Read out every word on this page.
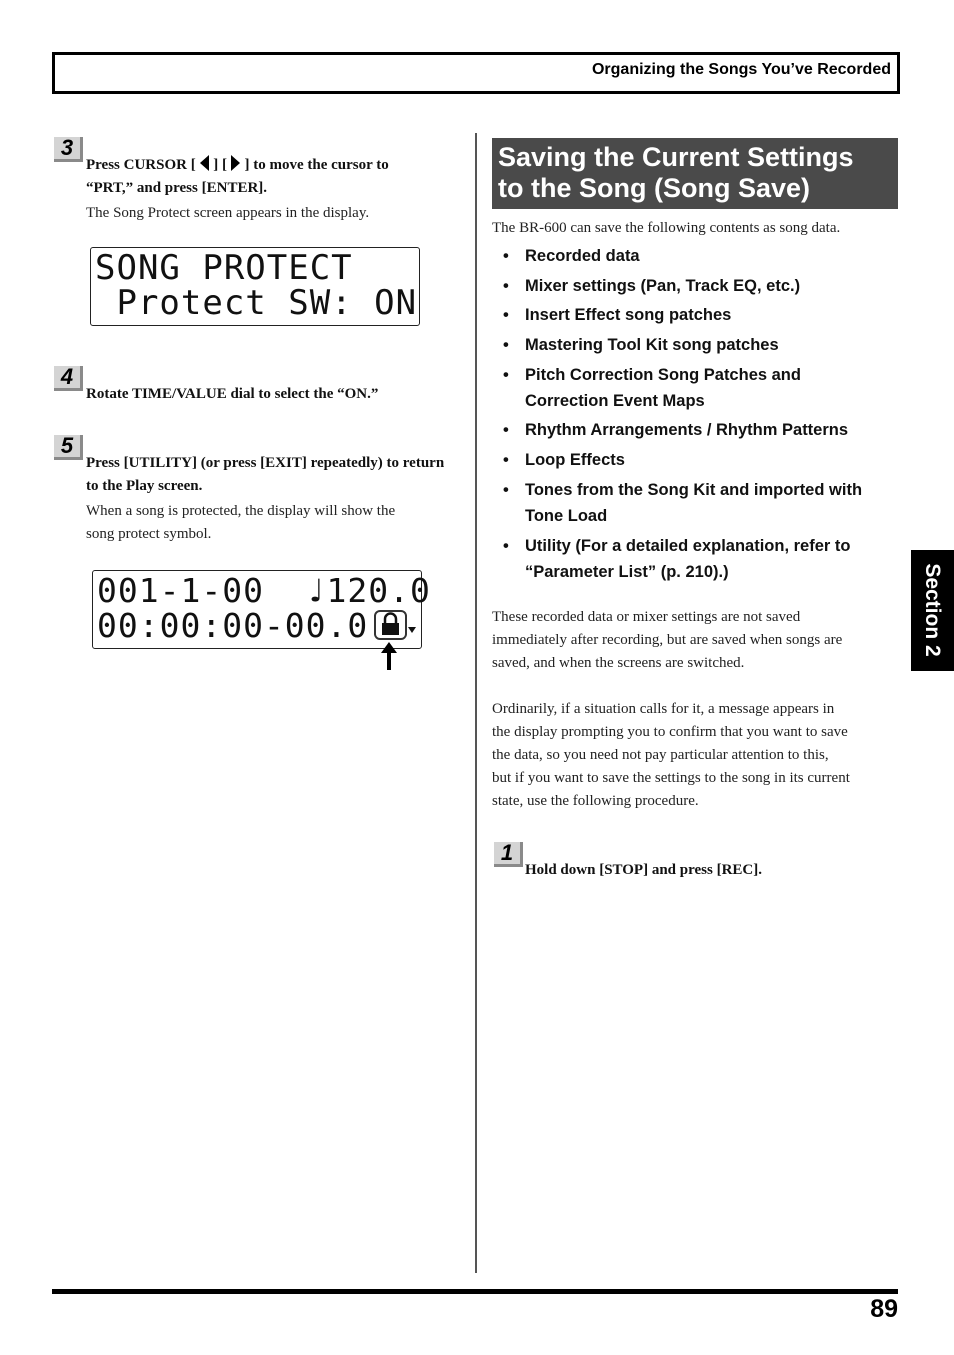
Organizing the Songs You’ve Recorded
3
Press CURSOR [ ] [ ] to move the cursor to
“PRT,” and press [ENTER].
The Song Protect screen appears in the display.
SONG PROTECT
Protect SW: ON
4
Rotate TIME/VALUE dial to select the “ON.”
5
Press [UTILITY] (or press [EXIT] repeatedly) to return
to the Play screen.
When a song is protected, the display will show the
song protect symbol.
001-1-00  ♩120.0
00:00:00-00.0
Saving the Current Settings
to the Song (Song Save)
The BR-600 can save the following contents as song data.
• Recorded data
• Mixer settings (Pan, Track EQ, etc.)
• Insert Effect song patches
• Mastering Tool Kit song patches
• Pitch Correction Song Patches and
Correction Event Maps
• Rhythm Arrangements / Rhythm Patterns
• Loop Effects
• Tones from the Song Kit and imported with
Tone Load
• Utility (For a detailed explanation, refer to
“Parameter List” (p. 210).)
These recorded data or mixer settings are not saved
immediately after recording, but are saved when songs are
saved, and when the screens are switched.
Ordinarily, if a situation calls for it, a message appears in
the display prompting you to confirm that you want to save
the data, so you need not pay particular attention to this,
but if you want to save the settings to the song in its current
state, use the following procedure.
1
Hold down [STOP] and press [REC].
Section 2
89
